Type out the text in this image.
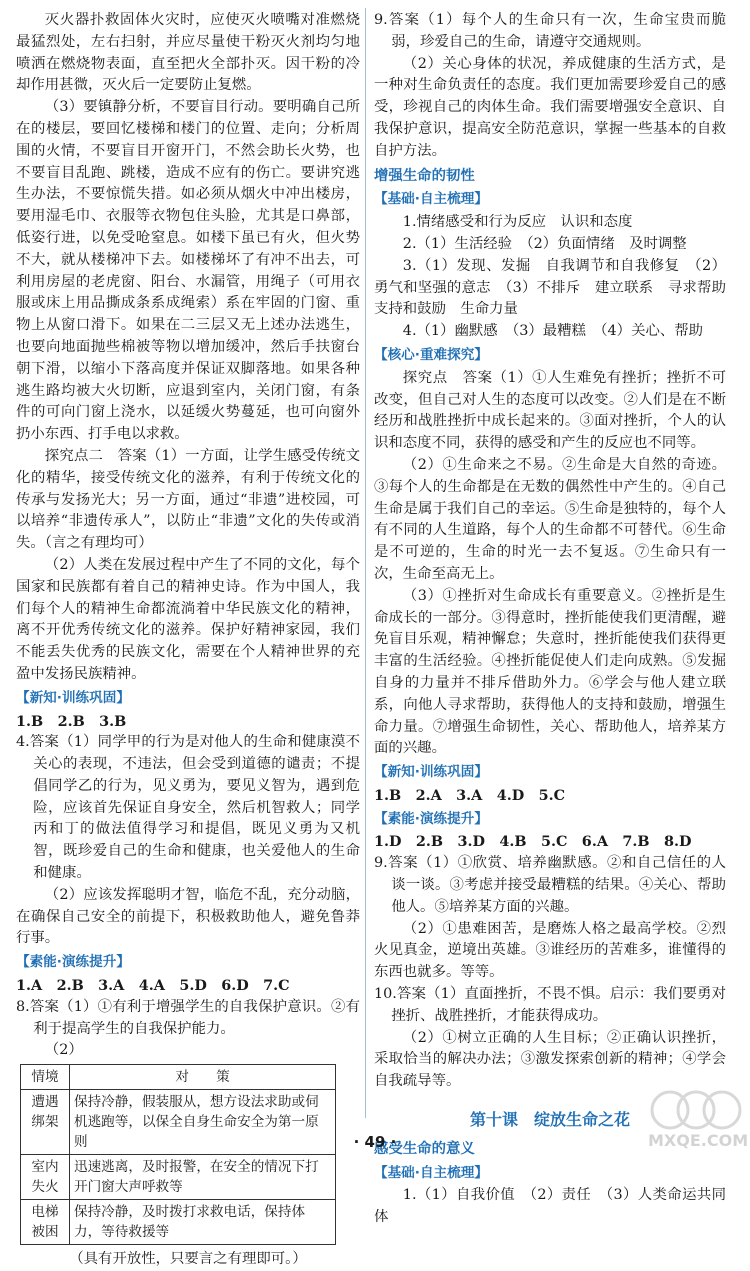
灭火器扑救固体火灾时，应使灭火喷嘴对准燃烧最猛烈处，左右扫射，并应尽量使干粉灭火剂均匀地喷洒在燃烧物表面，直至把火全部扑灭。因干粉的冷却作用甚微，灭火后一定要防止复燃。

（3）要镇静分析，不要盲目行动。要明确自己所在的楼层，要回忆楼梯和楼门的位置、走向；分析周围的火情，不要盲目开窗开门，不然会助长火势，也不要盲目乱跑、跳楼，造成不应有的伤亡。要讲究逃生办法，不要惊慌失措。如必须从烟火中冲出楼房，要用湿毛巾、衣服等衣物包住头脸，尤其是口鼻部，低姿行进，以免受呛窒息。如楼下虽已有火，但火势不大，就从楼梯冲下去。如楼梯坏了有冲不出去，可利用房屋的老虎窗、阳台、水漏管，用绳子（可用衣服或床上用品撕成条系成绳索）系在牢固的门窗、重物上从窗口滑下。如果在二三层又无上述办法逃生，也要向地面抛些棉被等物以增加缓冲，然后手扶窗台朝下滑，以缩小下落高度并保证双脚落地。如果各种逃生路均被大火切断，应退到室内，关闭门窗，有条件的可向门窗上浇水，以延缓火势蔓延，也可向窗外扔小东西、打手电以求救。

探究点二　答案（1）一方面，让学生感受传统文化的精华，接受传统文化的滋养，有利于传统文化的传承与发扬光大；另一方面，通过“非遗”进校园，可以培养“非遗传承人”，以防止“非遗”文化的失传或消失。（言之有理均可）

（2）人类在发展过程中产生了不同的文化，每个国家和民族都有着自己的精神史诗。作为中国人，我们每个人的精神生命都流淌着中华民族文化的精神，离不开优秀传统文化的滋养。保护好精神家园，我们不能丢失优秀的民族文化，需要在个人精神世界的充盈中发扬民族精神。

【新知·训练巩固】

1.B　2.B　3.B

4.答案（1）同学甲的行为是对他人的生命和健康漠不关心的表现，不违法，但会受到道德的谴责；不提倡同学乙的行为，见义勇为，要见义智为，遇到危险，应该首先保证自身安全，然后机智救人；同学丙和丁的做法值得学习和提倡，既见义勇为又机智，既珍爱自己的生命和健康，也关爱他人的生命和健康。

（2）应该发挥聪明才智，临危不乱，充分动脑，在确保自己安全的前提下，积极救助他人，避免鲁莽行事。

【素能·演练提升】

1.A　2.B　3.A　4.A　5.D　6.D　7.C

8.答案（1）①有利于增强学生的自我保护意识。②有利于提高学生的自我保护能力。

（2）

情境	对　　策
遭遇绑架	保持冷静，假装服从，想方设法求助或伺机逃跑等，以保全自身生命安全为第一原则
室内失火	迅速逃离，及时报警，在安全的情况下打开门窗大声呼救等
电梯被困	保持冷静，及时拨打求救电话，保持体力，等待救援等

（具有开放性，只要言之有理即可。）

9.答案（1）每个人的生命只有一次，生命宝贵而脆弱，珍爱自己的生命，请遵守交通规则。

（2）关心身体的状况，养成健康的生活方式，是一种对生命负责任的态度。我们更加需要珍爱自己的感受，珍视自己的肉体生命。我们需要增强安全意识、自我保护意识，提高安全防范意识，掌握一些基本的自救自护方法。

增强生命的韧性
【基础·自主梳理】

1.情绪感受和行为反应　认识和态度

2.（1）生活经验　（2）负面情绪　及时调整

3.（1）发现、发掘　自我调节和自我修复　（2）勇气和坚强的意志　（3）不排斥　建立联系　寻求帮助　支持和鼓励　生命力量

4.（1）幽默感　（3）最糟糕　（4）关心、帮助

【核心·重难探究】

探究点　答案（1）①人生难免有挫折；挫折不可改变，但自己对人生的态度可以改变。②人们是在不断经历和战胜挫折中成长起来的。③面对挫折，个人的认识和态度不同，获得的感受和产生的反应也不同等。

（2）①生命来之不易。②生命是大自然的奇迹。③每个人的生命都是在无数的偶然性中产生的。④自己生命是属于我们自己的幸运。⑤生命是独特的，每个人有不同的人生道路，每个人的生命都不可替代。⑥生命是不可逆的，生命的时光一去不复返。⑦生命只有一次，生命至高无上。

（3）①挫折对生命成长有重要意义。②挫折是生命成长的一部分。③得意时，挫折能使我们更清醒，避免盲目乐观，精神懈怠；失意时，挫折能使我们获得更丰富的生活经验。④挫折能促使人们走向成熟。⑤发掘自身的力量并不排斥借助外力。⑥学会与他人建立联系，向他人寻求帮助，获得他人的支持和鼓励，增强生命力量。⑦增强生命韧性，关心、帮助他人，培养某方面的兴趣。

【新知·训练巩固】

1.B　2.A　3.A　4.D　5.C

【素能·演练提升】

1.D　2.B　3.D　4.B　5.C　6.A　7.B　8.D

9.答案（1）①欣赏、培养幽默感。②和自己信任的人谈一谈。③考虑并接受最糟糕的结果。④关心、帮助他人。⑤培养某方面的兴趣。

（2）①患难困苦，是磨炼人格之最高学校。②烈火见真金，逆境出英雄。③谁经历的苦难多，谁懂得的东西也就多。等等。

10.答案（1）直面挫折，不畏不惧。启示：我们要勇对挫折、战胜挫折，才能获得成功。

（2）①树立正确的人生目标；②正确认识挫折，采取恰当的解决办法；③激发探索创新的精神；④学会自我疏导等。

第十课　绽放生命之花
感受生命的意义
【基础·自主梳理】

1.（1）自我价值　（2）责任　（3）人类命运共同体

· 49 ·	MXQE.COM
